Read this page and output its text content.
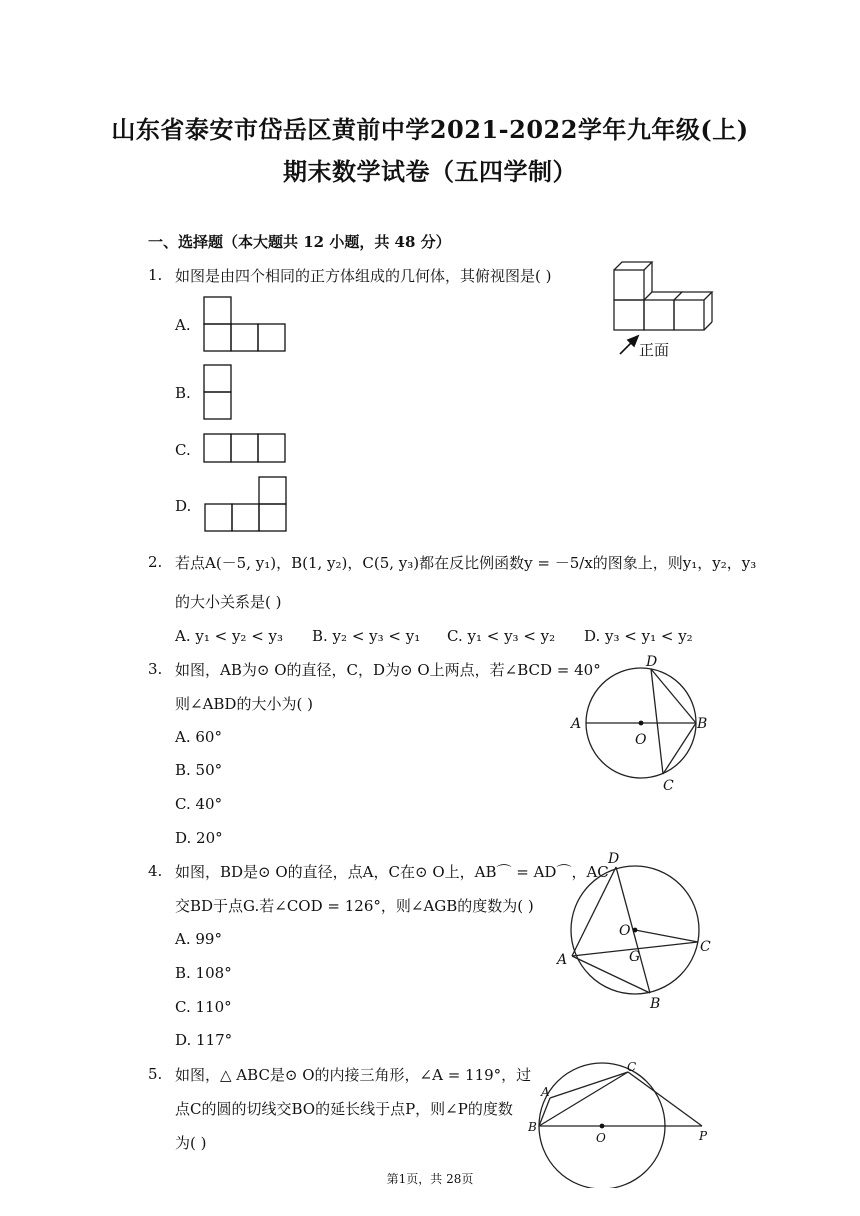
山东省泰安市岱岳区黄前中学2021-2022学年九年级(上)
期末数学试卷（五四学制）
一、选择题（本大题共 12 小题，共 48 分）
1. 如图是由四个相同的正方体组成的几何体，其俯视图是( )
A.
B.
C.
D.
正面
2. 若点A(－5, y₁)，B(1, y₂)，C(5, y₃)都在反比例函数y = －5/x的图象上，则y₁，y₂，y₃
的大小关系是( )
A. y₁ < y₂ < y₃ B. y₂ < y₃ < y₁ C. y₁ < y₃ < y₂ D. y₃ < y₁ < y₂
3. 如图，AB为⊙ O的直径，C，D为⊙ O上两点，若∠BCD = 40°
则∠ABD的大小为( )
A. 60°
B. 50°
C. 40°
D. 20°
D
A
O
B
C
4. 如图，BD是⊙ O的直径，点A，C在⊙ O上，AB⌒ = AD⌒，AC
交BD于点G.若∠COD = 126°，则∠AGB的度数为( )
A. 99°
B. 108°
C. 110°
D. 117°
D
O
C
A	G
B
5. 如图，△ ABC是⊙ O的内接三角形，∠A = 119°，过
点C的圆的切线交BO的延长线于点P，则∠P的度数
为( )
C
A
B
O	P
第1页，共 28页
